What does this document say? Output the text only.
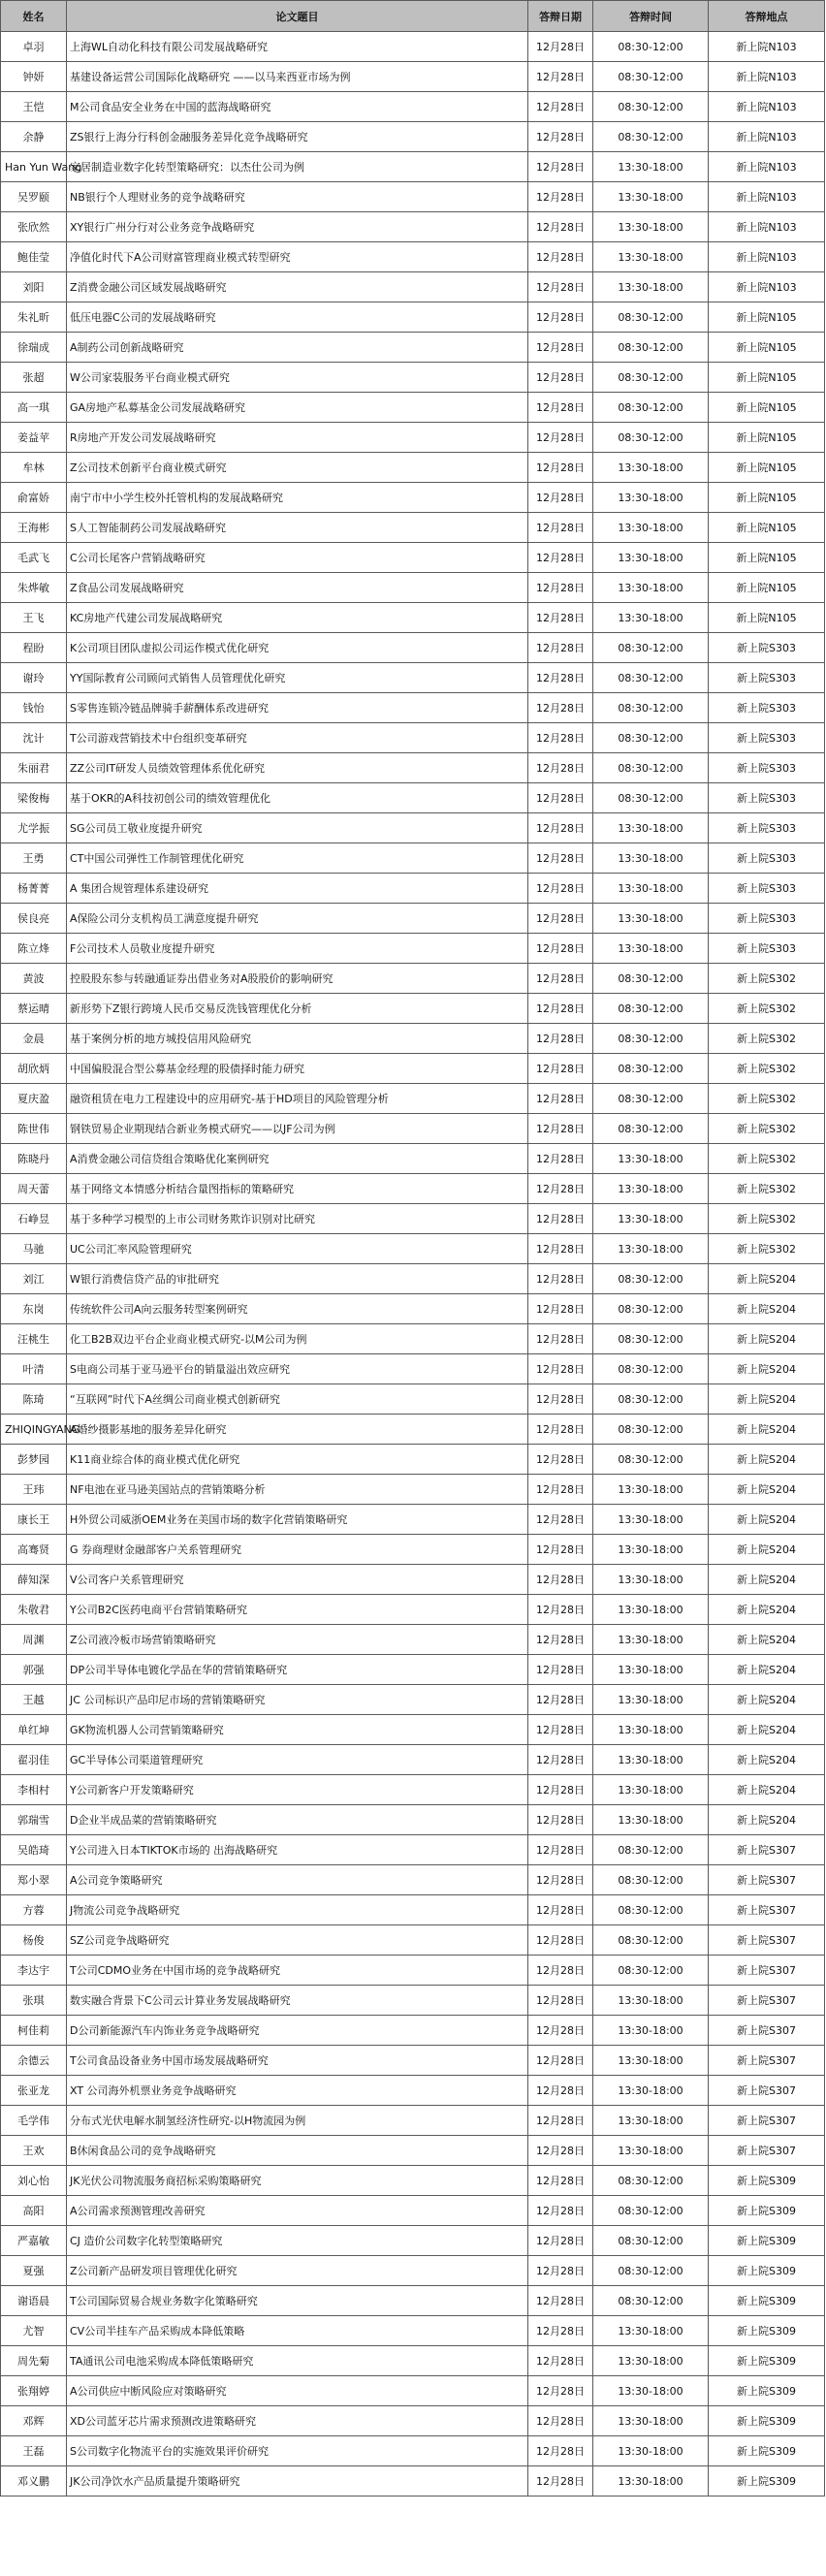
姓名	论文题目	答辩日期	答辩时间	答辩地点
卓羽	上海WL自动化科技有限公司发展战略研究	12月28日	08:30-12:00	新上院N103
钟妍	基建设备运营公司国际化战略研究 ——以马来西亚市场为例	12月28日	08:30-12:00	新上院N103
王恺	M公司食品安全业务在中国的蓝海战略研究	12月28日	08:30-12:00	新上院N103
余静	ZS银行上海分行科创金融服务差异化竞争战略研究	12月28日	08:30-12:00	新上院N103
Han Yun Wang	家居制造业数字化转型策略研究：以杰仕公司为例	12月28日	13:30-18:00	新上院N103
吴罗颐	NB银行个人理财业务的竞争战略研究	12月28日	13:30-18:00	新上院N103
张欣然	XY银行广州分行对公业务竞争战略研究	12月28日	13:30-18:00	新上院N103
鲍佳莹	净值化时代下A公司财富管理商业模式转型研究	12月28日	13:30-18:00	新上院N103
刘阳	Z消费金融公司区域发展战略研究	12月28日	13:30-18:00	新上院N103
朱礼昕	低压电器C公司的发展战略研究	12月28日	08:30-12:00	新上院N105
徐瑞成	A制药公司创新战略研究	12月28日	08:30-12:00	新上院N105
张超	W公司家装服务平台商业模式研究	12月28日	08:30-12:00	新上院N105
高一琪	GA房地产私募基金公司发展战略研究	12月28日	08:30-12:00	新上院N105
姜益苹	R房地产开发公司发展战略研究	12月28日	08:30-12:00	新上院N105
牟林	Z公司技术创新平台商业模式研究	12月28日	13:30-18:00	新上院N105
俞富娇	南宁市中小学生校外托管机构的发展战略研究	12月28日	13:30-18:00	新上院N105
王海彬	S人工智能制药公司发展战略研究	12月28日	13:30-18:00	新上院N105
毛武飞	C公司长尾客户营销战略研究	12月28日	13:30-18:00	新上院N105
朱烨敏	Z食品公司发展战略研究	12月28日	13:30-18:00	新上院N105
王飞	KC房地产代建公司发展战略研究	12月28日	13:30-18:00	新上院N105
程盼	K公司项目团队虚拟公司运作模式优化研究	12月28日	08:30-12:00	新上院S303
谢玲	YY国际教育公司顾问式销售人员管理优化研究	12月28日	08:30-12:00	新上院S303
钱怡	S零售连锁冷链品牌骑手薪酬体系改进研究	12月28日	08:30-12:00	新上院S303
沈计	T公司游戏营销技术中台组织变革研究	12月28日	08:30-12:00	新上院S303
朱丽君	ZZ公司IT研发人员绩效管理体系优化研究	12月28日	08:30-12:00	新上院S303
梁俊梅	基于OKR的A科技初创公司的绩效管理优化	12月28日	08:30-12:00	新上院S303
尤学振	SG公司员工敬业度提升研究	12月28日	13:30-18:00	新上院S303
王勇	CT中国公司弹性工作制管理优化研究	12月28日	13:30-18:00	新上院S303
杨菁菁	A 集团合规管理体系建设研究	12月28日	13:30-18:00	新上院S303
侯良亮	A保险公司分支机构员工满意度提升研究	12月28日	13:30-18:00	新上院S303
陈立烽	F公司技术人员敬业度提升研究	12月28日	13:30-18:00	新上院S303
黄波	控股股东参与转融通证券出借业务对A股股价的影响研究	12月28日	08:30-12:00	新上院S302
蔡运晴	新形势下Z银行跨境人民币交易反洗钱管理优化分析	12月28日	08:30-12:00	新上院S302
金晨	基于案例分析的地方城投信用风险研究	12月28日	08:30-12:00	新上院S302
胡欣炳	中国偏股混合型公募基金经理的股债择时能力研究	12月28日	08:30-12:00	新上院S302
夏庆盈	融资租赁在电力工程建设中的应用研究-基于HD项目的风险管理分析	12月28日	08:30-12:00	新上院S302
陈世伟	钢铁贸易企业期现结合新业务模式研究——以JF公司为例	12月28日	08:30-12:00	新上院S302
陈晓丹	A消费金融公司信贷组合策略优化案例研究	12月28日	13:30-18:00	新上院S302
周天蕾	基于网络文本情感分析结合量图指标的策略研究	12月28日	13:30-18:00	新上院S302
石峥昱	基于多种学习模型的上市公司财务欺诈识别对比研究	12月28日	13:30-18:00	新上院S302
马驰	UC公司汇率风险管理研究	12月28日	13:30-18:00	新上院S302
刘江	W银行消费信贷产品的审批研究	12月28日	08:30-12:00	新上院S204
东岗	传统软件公司A向云服务转型案例研究	12月28日	08:30-12:00	新上院S204
汪桃生	化工B2B双边平台企业商业模式研究-以M公司为例	12月28日	08:30-12:00	新上院S204
叶清	S电商公司基于亚马逊平台的销量溢出效应研究	12月28日	08:30-12:00	新上院S204
陈琦	“互联网”时代下A丝绸公司商业模式创新研究	12月28日	08:30-12:00	新上院S204
ZHIQINGYANG	A婚纱摄影基地的服务差异化研究	12月28日	08:30-12:00	新上院S204
彭梦园	K11商业综合体的商业模式优化研究	12月28日	08:30-12:00	新上院S204
王玮	NF电池在亚马逊美国站点的营销策略分析	12月28日	13:30-18:00	新上院S204
康长王	H外贸公司威浙OEM业务在美国市场的数字化营销策略研究	12月28日	13:30-18:00	新上院S204
高骞贤	G 券商理财金融部客户关系管理研究	12月28日	13:30-18:00	新上院S204
薛知深	V公司客户关系管理研究	12月28日	13:30-18:00	新上院S204
朱敬君	Y公司B2C医药电商平台营销策略研究	12月28日	13:30-18:00	新上院S204
周渊	Z公司液冷板市场营销策略研究	12月28日	13:30-18:00	新上院S204
郭强	DP公司半导体电镀化学品在华的营销策略研究	12月28日	13:30-18:00	新上院S204
王越	JC 公司标识产品印尼市场的营销策略研究	12月28日	13:30-18:00	新上院S204
单红坤	GK物流机器人公司营销策略研究	12月28日	13:30-18:00	新上院S204
翟羽佳	GC半导体公司渠道管理研究	12月28日	13:30-18:00	新上院S204
李相村	Y公司新客户开发策略研究	12月28日	13:30-18:00	新上院S204
郭瑞雪	D企业半成品菜的营销策略研究	12月28日	13:30-18:00	新上院S204
吴皓琦	Y公司进入日本TIKTOK市场的 出海战略研究	12月28日	08:30-12:00	新上院S307
郑小翠	A公司竞争策略研究	12月28日	08:30-12:00	新上院S307
方蓉	J物流公司竞争战略研究	12月28日	08:30-12:00	新上院S307
杨俊	SZ公司竞争战略研究	12月28日	08:30-12:00	新上院S307
李达宇	T公司CDMO业务在中国市场的竞争战略研究	12月28日	08:30-12:00	新上院S307
张琪	数实融合背景下C公司云计算业务发展战略研究	12月28日	13:30-18:00	新上院S307
柯佳莉	D公司新能源汽车内饰业务竞争战略研究	12月28日	13:30-18:00	新上院S307
余德云	T公司食品设备业务中国市场发展战略研究	12月28日	13:30-18:00	新上院S307
张亚龙	XT 公司海外机票业务竞争战略研究	12月28日	13:30-18:00	新上院S307
毛学伟	分布式光伏电解水制氢经济性研究-以H物流园为例	12月28日	13:30-18:00	新上院S307
王欢	B休闲食品公司的竞争战略研究	12月28日	13:30-18:00	新上院S307
刘心怡	JK光伏公司物流服务商招标采购策略研究	12月28日	08:30-12:00	新上院S309
高阳	A公司需求预测管理改善研究	12月28日	08:30-12:00	新上院S309
严嘉敏	CJ 造价公司数字化转型策略研究	12月28日	08:30-12:00	新上院S309
夏强	Z公司新产品研发项目管理优化研究	12月28日	08:30-12:00	新上院S309
谢语晨	T公司国际贸易合规业务数字化策略研究	12月28日	08:30-12:00	新上院S309
尤智	CV公司半挂车产品采购成本降低策略	12月28日	13:30-18:00	新上院S309
周先菊	TA通讯公司电池采购成本降低策略研究	12月28日	13:30-18:00	新上院S309
张翔婷	A公司供应中断风险应对策略研究	12月28日	13:30-18:00	新上院S309
邓辉	XD公司蓝牙芯片需求预测改进策略研究	12月28日	13:30-18:00	新上院S309
王磊	S公司数字化物流平台的实施效果评价研究	12月28日	13:30-18:00	新上院S309
邓义鹏	JK公司净饮水产品质量提升策略研究	12月28日	13:30-18:00	新上院S309
